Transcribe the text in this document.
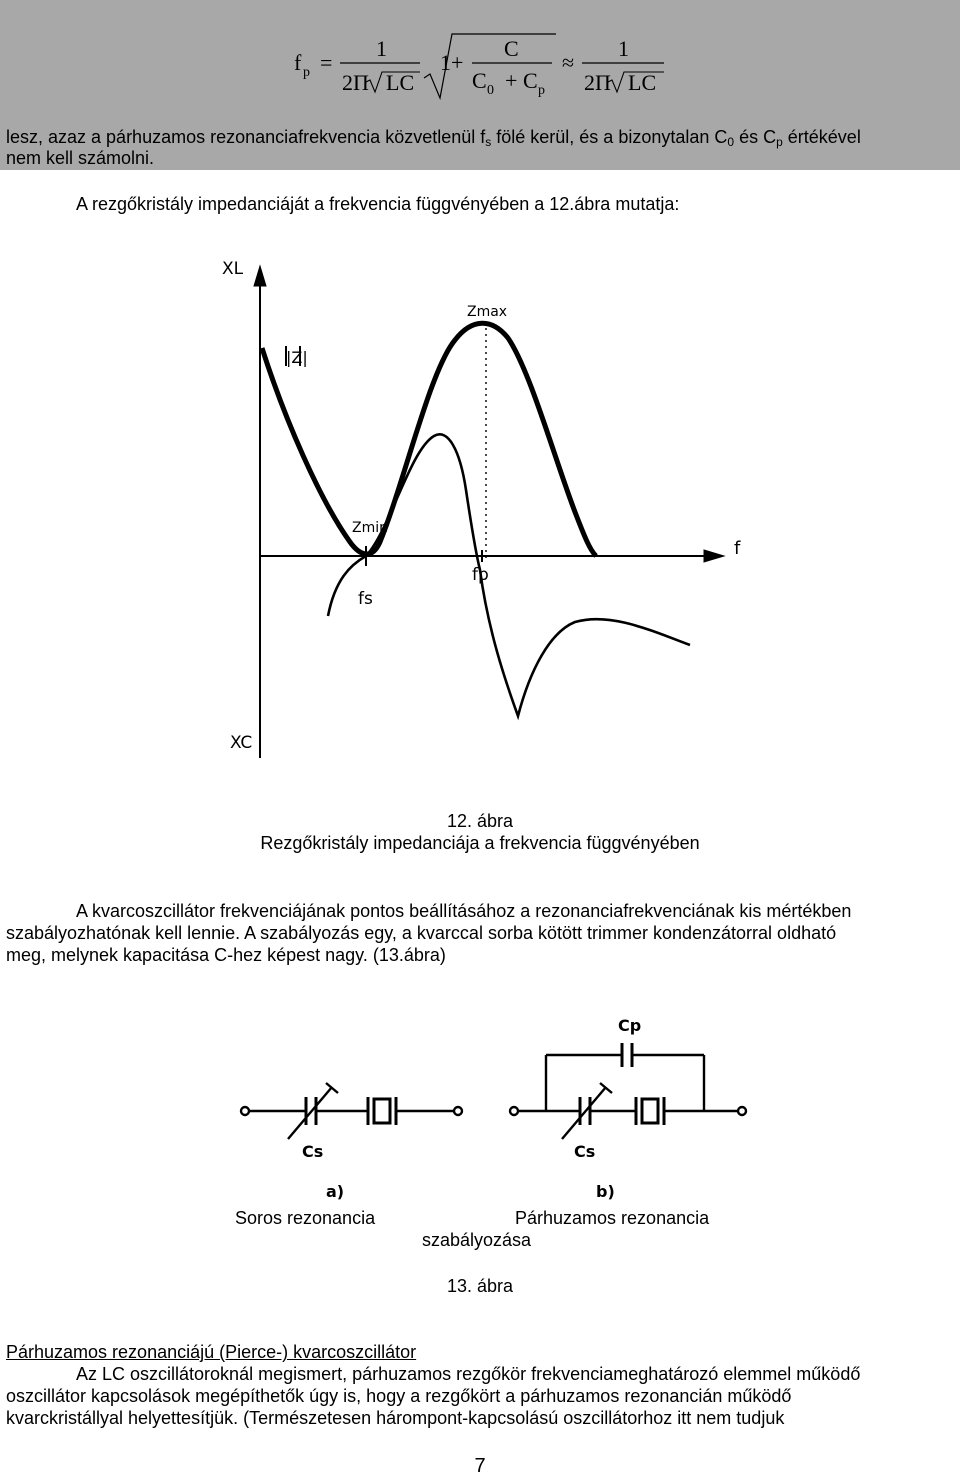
f p =
1
2Π LC
1+
C
C 0 + C p
≈
1
2Π LC
lesz, azaz a párhuzamos rezonanciafrekvencia közvetlenül $f_s$ fölé kerül, és a bizonytalan $C_0$ és $C_p$ értékével
nem kell számolni.
A rezgőkristály impedanciáját a frekvencia függvényében a 12.ábra mutatja:
XL
XC
|Z|
Zmax
Zmin
f
fs
fp
12. ábra
Rezgőkristály impedanciája a frekvencia függvényében
A kvarcoszcillátor frekvenciájának pontos beállításához a rezonanciafrekvenciának kis mértékben
szabályozhatónak kell lennie. A szabályozás egy, a kvarccal sorba kötött trimmer kondenzátorral oldható
meg, melynek kapacitása C-hez képest nagy. (13.ábra)
Cs	Cs
Cp
a)	b)
Soros rezonancia	Párhuzamos rezonancia
szabályozása
13. ábra
Párhuzamos rezonanciájú (Pierce-) kvarcoszcillátor
Az LC oszcillátoroknál megismert, párhuzamos rezgőkör frekvenciameghatározó elemmel működő
oszcillátor kapcsolások megépíthetők úgy is, hogy a rezgőkört a párhuzamos rezonancián működő
kvarckristállyal helyettesítjük. (Természetesen hárompont-kapcsolású oszcillátorhoz itt nem tudjuk
7
